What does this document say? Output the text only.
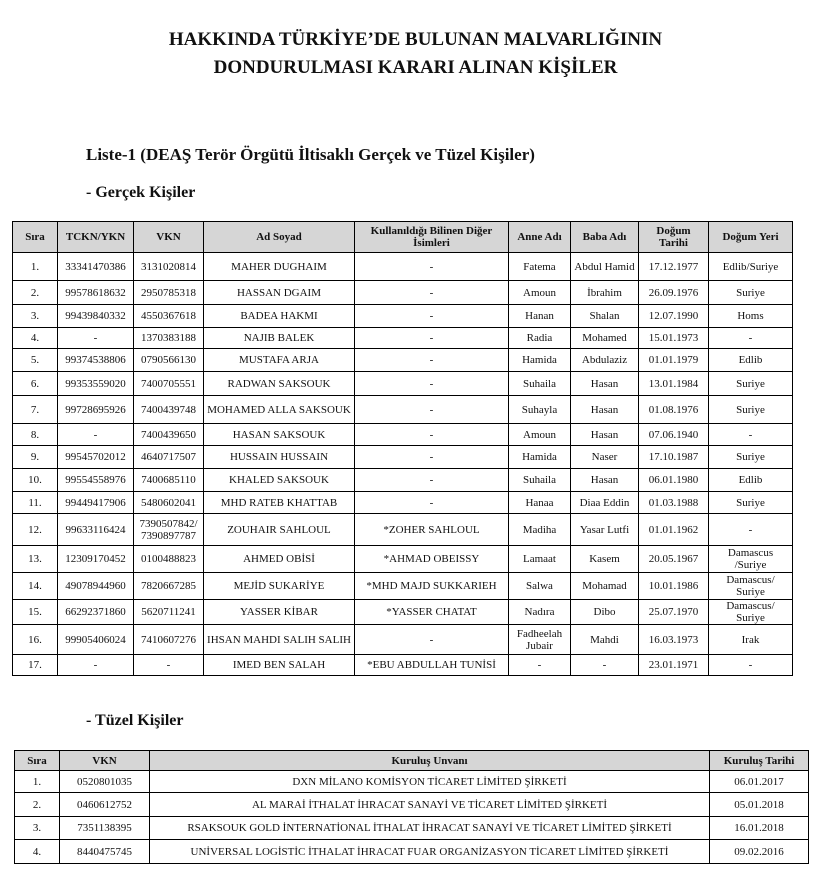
HAKKINDA TÜRKİYE’DE BULUNAN MALVARLIĞININ
DONDURULMASI KARARI ALINAN KİŞİLER
Liste-1 (DEAŞ Terör Örgütü İltisaklı Gerçek ve Tüzel Kişiler)
- Gerçek Kişiler
Sıra	TCKN/YKN	VKN	Ad Soyad	Kullanıldığı Bilinen Diğer İsimleri	Anne Adı	Baba Adı	Doğum Tarihi	Doğum Yeri
1.	33341470386	3131020814	MAHER DUGHAIM	-	Fatema	Abdul Hamid	17.12.1977	Edlib/Suriye
2.	99578618632	2950785318	HASSAN DGAIM	-	Amoun	İbrahim	26.09.1976	Suriye
3.	99439840332	4550367618	BADEA HAKMI	-	Hanan	Shalan	12.07.1990	Homs
4.	-	1370383188	NAJIB BALEK	-	Radia	Mohamed	15.01.1973	-
5.	99374538806	0790566130	MUSTAFA ARJA	-	Hamida	Abdulaziz	01.01.1979	Edlib
6.	99353559020	7400705551	RADWAN SAKSOUK	-	Suhaila	Hasan	13.01.1984	Suriye
7.	99728695926	7400439748	MOHAMED ALLA SAKSOUK	-	Suhayla	Hasan	01.08.1976	Suriye
8.	-	7400439650	HASAN SAKSOUK	-	Amoun	Hasan	07.06.1940	-
9.	99545702012	4640717507	HUSSAIN HUSSAIN	-	Hamida	Naser	17.10.1987	Suriye
10.	99554558976	7400685110	KHALED SAKSOUK	-	Suhaila	Hasan	06.01.1980	Edlib
11.	99449417906	5480602041	MHD RATEB KHATTAB	-	Hanaa	Diaa Eddin	01.03.1988	Suriye
12.	99633116424	7390507842/ 7390897787	ZOUHAIR SAHLOUL	*ZOHER SAHLOUL	Madiha	Yasar Lutfi	01.01.1962	-
13.	12309170452	0100488823	AHMED OBİSİ	*AHMAD OBEISSY	Lamaat	Kasem	20.05.1967	Damascus /Suriye
14.	49078944960	7820667285	MEJİD SUKARİYE	*MHD MAJD SUKKARIEH	Salwa	Mohamad	10.01.1986	Damascus/ Suriye
15.	66292371860	5620711241	YASSER KİBAR	*YASSER CHATAT	Nadıra	Dibo	25.07.1970	Damascus/ Suriye
16.	99905406024	7410607276	IHSAN MAHDI SALIH SALIH	-	Fadheelah Jubair	Mahdi	16.03.1973	Irak
17.	-	-	IMED BEN SALAH	*EBU ABDULLAH TUNİSİ	-	-	23.01.1971	-
- Tüzel Kişiler
Sıra	VKN	Kuruluş Unvanı	Kuruluş Tarihi
1.	0520801035	DXN MİLANO KOMİSYON TİCARET LİMİTED ŞİRKETİ	06.01.2017
2.	0460612752	AL MARAİ İTHALAT İHRACAT SANAYİ VE TİCARET LİMİTED ŞİRKETİ	05.01.2018
3.	7351138395	RSAKSOUK GOLD İNTERNATİONAL İTHALAT İHRACAT SANAYİ VE TİCARET LİMİTED ŞİRKETİ	16.01.2018
4.	8440475745	UNİVERSAL LOGİSTİC İTHALAT İHRACAT FUAR ORGANİZASYON TİCARET LİMİTED ŞİRKETİ	09.02.2016
